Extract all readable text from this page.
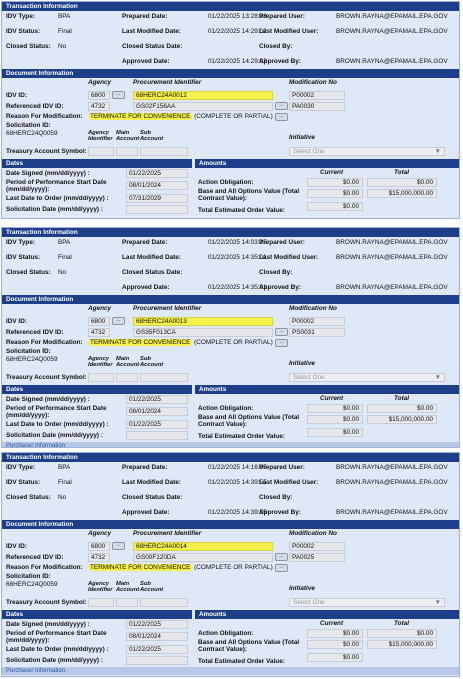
Transaction Information
IDV Type:	BPA
IDV Status:	Final
Closed Status: No
Prepared Date:	01/22/2025 13:28:53
Last Modified Date:	01/22/2025 14:29:02
Closed Status Date:
Approved Date:	01/22/2025 14:29:02
Prepared User:	BROWN.RAYNA@EPAMAIL.EPA.GOV
Last Modified User:	BROWN.RAYNA@EPAMAIL.EPA.GOV
Closed By:
Approved By:	BROWN.RAYNA@EPAMAIL.EPA.GOV
Document Information
Agency	Procurement Identifier	Modification No
IDV ID:	6800	...	68HERC24A0012	P00002
Referenced IDV ID:	4732	GS02F156AA	...	PA0030
Reason For Modification:	TERMINATE FOR CONVENIENCE (COMPLETE OR PARTIAL)	...
Solicitation ID:
68HERC24Q0059	Agency Identifier
Main Account
Sub Account	Initiative
Treasury Account Symbol:	Select One	▼
Dates	Amounts
Date Signed (mm/dd/yyyy) :	01/22/2025
Period of Performance Start Date (mm/dd/yyyy):
08/01/2024
Last Date to Order (mm/dd/yyyy) :	07/31/2029
Solicitation Date (mm/dd/yyyy) :
Current	Total
Action Obligation:	$0.00	$0.00
Base and All Options Value (Total Contract Value):
$0.00	$15,000,000.00
Total Estimated Order Value:
$0.00
Transaction Information
IDV Type:	BPA
IDV Status:	Final
Closed Status: No
Prepared Date:	01/22/2025 14:03:15
Last Modified Date:	01/22/2025 14:35:01
Closed Status Date:
Approved Date:	01/22/2025 14:35:01
Prepared User:	BROWN.RAYNA@EPAMAIL.EPA.GOV
Last Modified User:	BROWN.RAYNA@EPAMAIL.EPA.GOV
Closed By:
Approved By:	BROWN.RAYNA@EPAMAIL.EPA.GOV
Document Information
Agency	Procurement Identifier	Modification No
IDV ID:	6800	...	68HERC24A0013	P00002
Referenced IDV ID:	4732	GS35F013CA	...	PS0031
Reason For Modification:	TERMINATE FOR CONVENIENCE (COMPLETE OR PARTIAL)	...
Solicitation ID:
68HERC24Q0059	Agency Identifier
Main Account
Sub Account	Initiative
Treasury Account Symbol:	Select One	▼
Dates	Amounts
Date Signed (mm/dd/yyyy) :	01/22/2025
Period of Performance Start Date (mm/dd/yyyy):
08/01/2024
Last Date to Order (mm/dd/yyyy) :	01/22/2025
Solicitation Date (mm/dd/yyyy) :
Current	Total
Action Obligation:	$0.00	$0.00
Base and All Options Value (Total Contract Value):
$0.00	$15,000,000.00
Total Estimated Order Value:
$0.00
Purchaser Information
Transaction Information
IDV Type:	BPA
IDV Status:	Final
Closed Status: No
Prepared Date:	01/22/2025 14:16:55
Last Modified Date:	01/22/2025 14:39:55
Closed Status Date:
Approved Date:	01/22/2025 14:39:55
Prepared User:	BROWN.RAYNA@EPAMAIL.EPA.GOV
Last Modified User:	BROWN.RAYNA@EPAMAIL.EPA.GOV
Closed By:
Approved By:	BROWN.RAYNA@EPAMAIL.EPA.GOV
Document Information
Agency	Procurement Identifier	Modification No
IDV ID:	6800	...	68HERC24A0014	P00002
Referenced IDV ID:	4732	GS00F120DA	...	PA0025
Reason For Modification:	TERMINATE FOR CONVENIENCE (COMPLETE OR PARTIAL)	...
Solicitation ID:
68HERC24Q0059	Agency Identifier
Main Account
Sub Account	Initiative
Treasury Account Symbol:	Select One	▼
Dates	Amounts
Date Signed (mm/dd/yyyy) :	01/22/2025
Period of Performance Start Date (mm/dd/yyyy):
08/01/2024
Last Date to Order (mm/dd/yyyy) :	01/22/2025
Solicitation Date (mm/dd/yyyy) :
Current	Total
Action Obligation:	$0.00	$0.00
Base and All Options Value (Total Contract Value):
$0.00	$15,000,000.00
Total Estimated Order Value:
$0.00
Purchaser Information
